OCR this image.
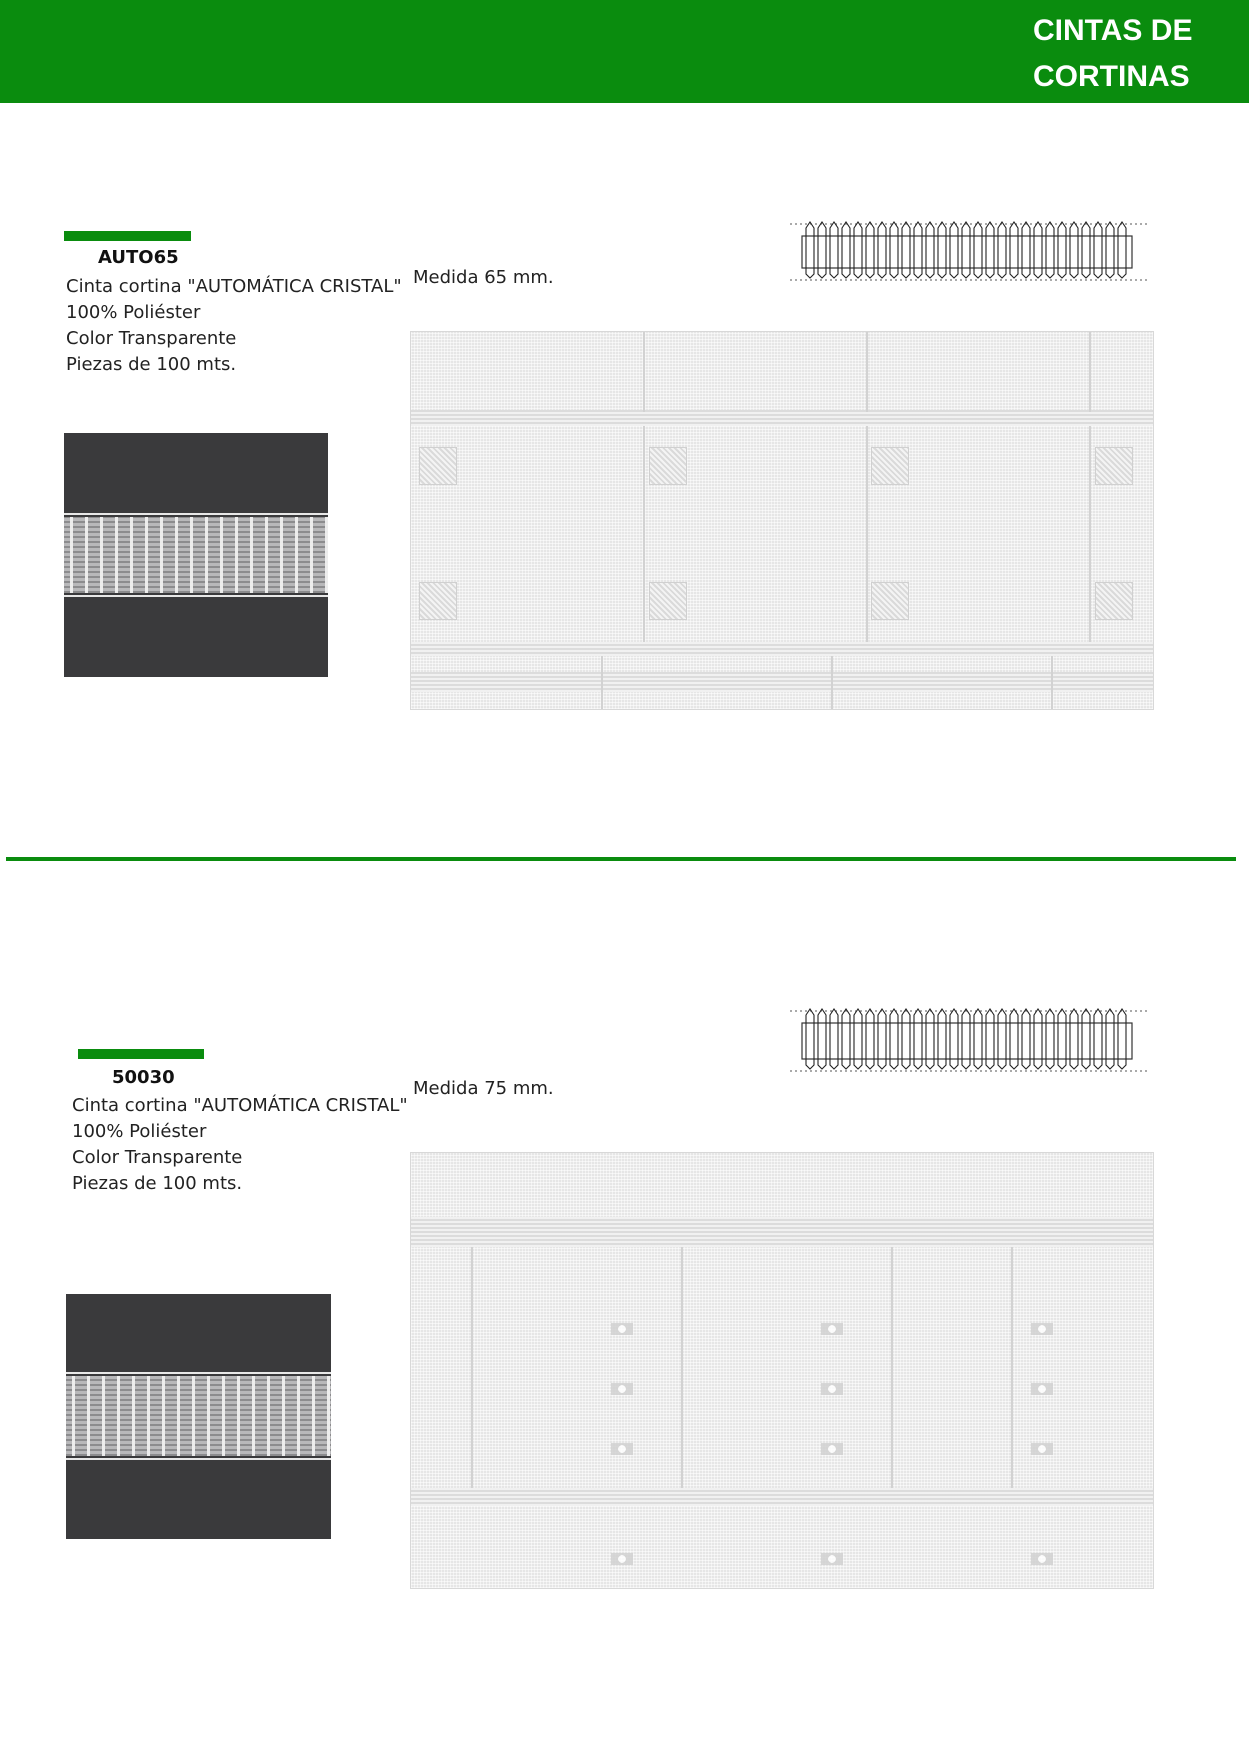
CINTAS DE
CORTINAS
AUTO65
Cinta cortina "AUTOMÁTICA CRISTAL"
100% Poliéster
Color Transparente
Piezas de 100 mts.
Medida 65 mm.
50030
Cinta cortina "AUTOMÁTICA CRISTAL"
100% Poliéster
Color Transparente
Piezas de 100 mts.
Medida 75 mm.
